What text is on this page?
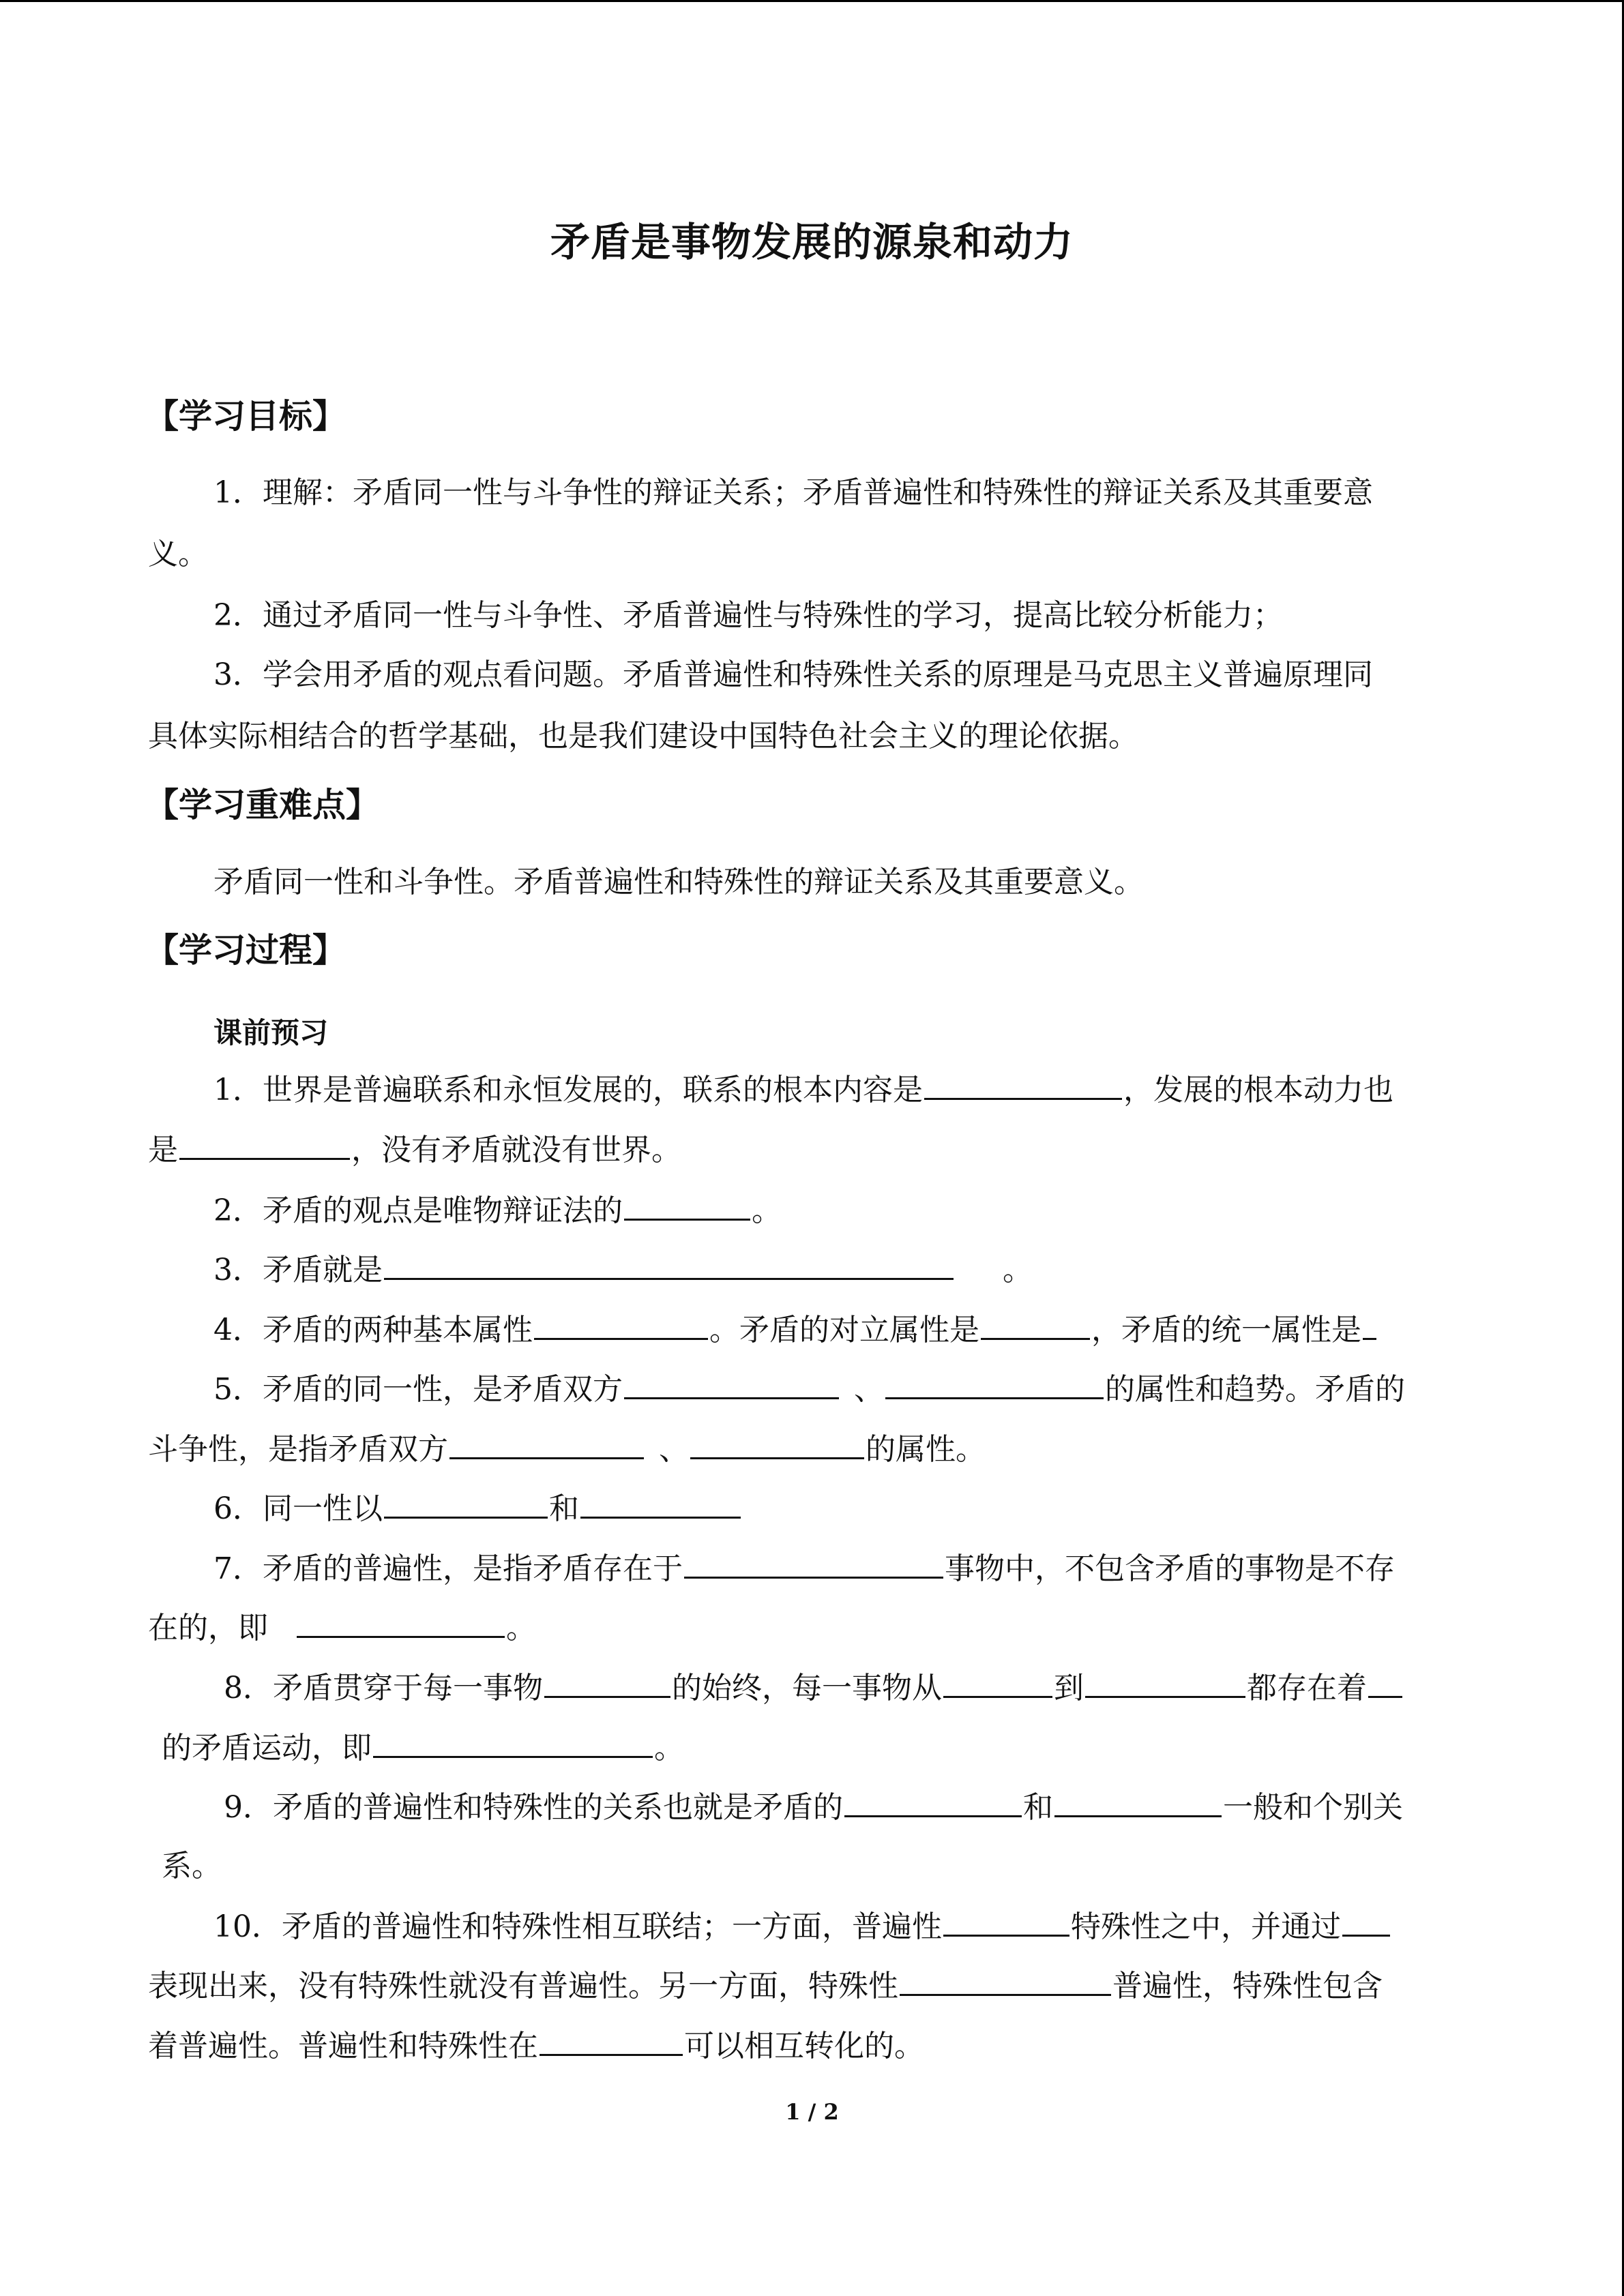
矛盾是事物发展的源泉和动力
【学习目标】
1．理解：矛盾同一性与斗争性的辩证关系；矛盾普遍性和特殊性的辩证关系及其重要意
义。
2．通过矛盾同一性与斗争性、矛盾普遍性与特殊性的学习，提高比较分析能力；
3．学会用矛盾的观点看问题。矛盾普遍性和特殊性关系的原理是马克思主义普遍原理同
具体实际相结合的哲学基础，也是我们建设中国特色社会主义的理论依据。
【学习重难点】
矛盾同一性和斗争性。矛盾普遍性和特殊性的辩证关系及其重要意义。
【学习过程】
课前预习
1．世界是普遍联系和永恒发展的，联系的根本内容是	，发展的根本动力也
是	，没有矛盾就没有世界。
2．矛盾的观点是唯物辩证法的	。
3．矛盾就是	。
4．矛盾的两种基本属性	。矛盾的对立属性是	，矛盾的统一属性是
5．矛盾的同一性，是矛盾双方	、	的属性和趋势。矛盾的
斗争性，是指矛盾双方	、	的属性。
6．同一性以	和
7．矛盾的普遍性，是指矛盾存在于	事物中，不包含矛盾的事物是不存
在的，即	。
8．矛盾贯穿于每一事物	的始终，每一事物从	到	都存在着
的矛盾运动，即	。
9．矛盾的普遍性和特殊性的关系也就是矛盾的	和	一般和个别关
系。
10．矛盾的普遍性和特殊性相互联结；一方面，普遍性	特殊性之中，并通过
表现出来，没有特殊性就没有普遍性。另一方面，特殊性	普遍性，特殊性包含
着普遍性。普遍性和特殊性在	可以相互转化的。
1 / 2
